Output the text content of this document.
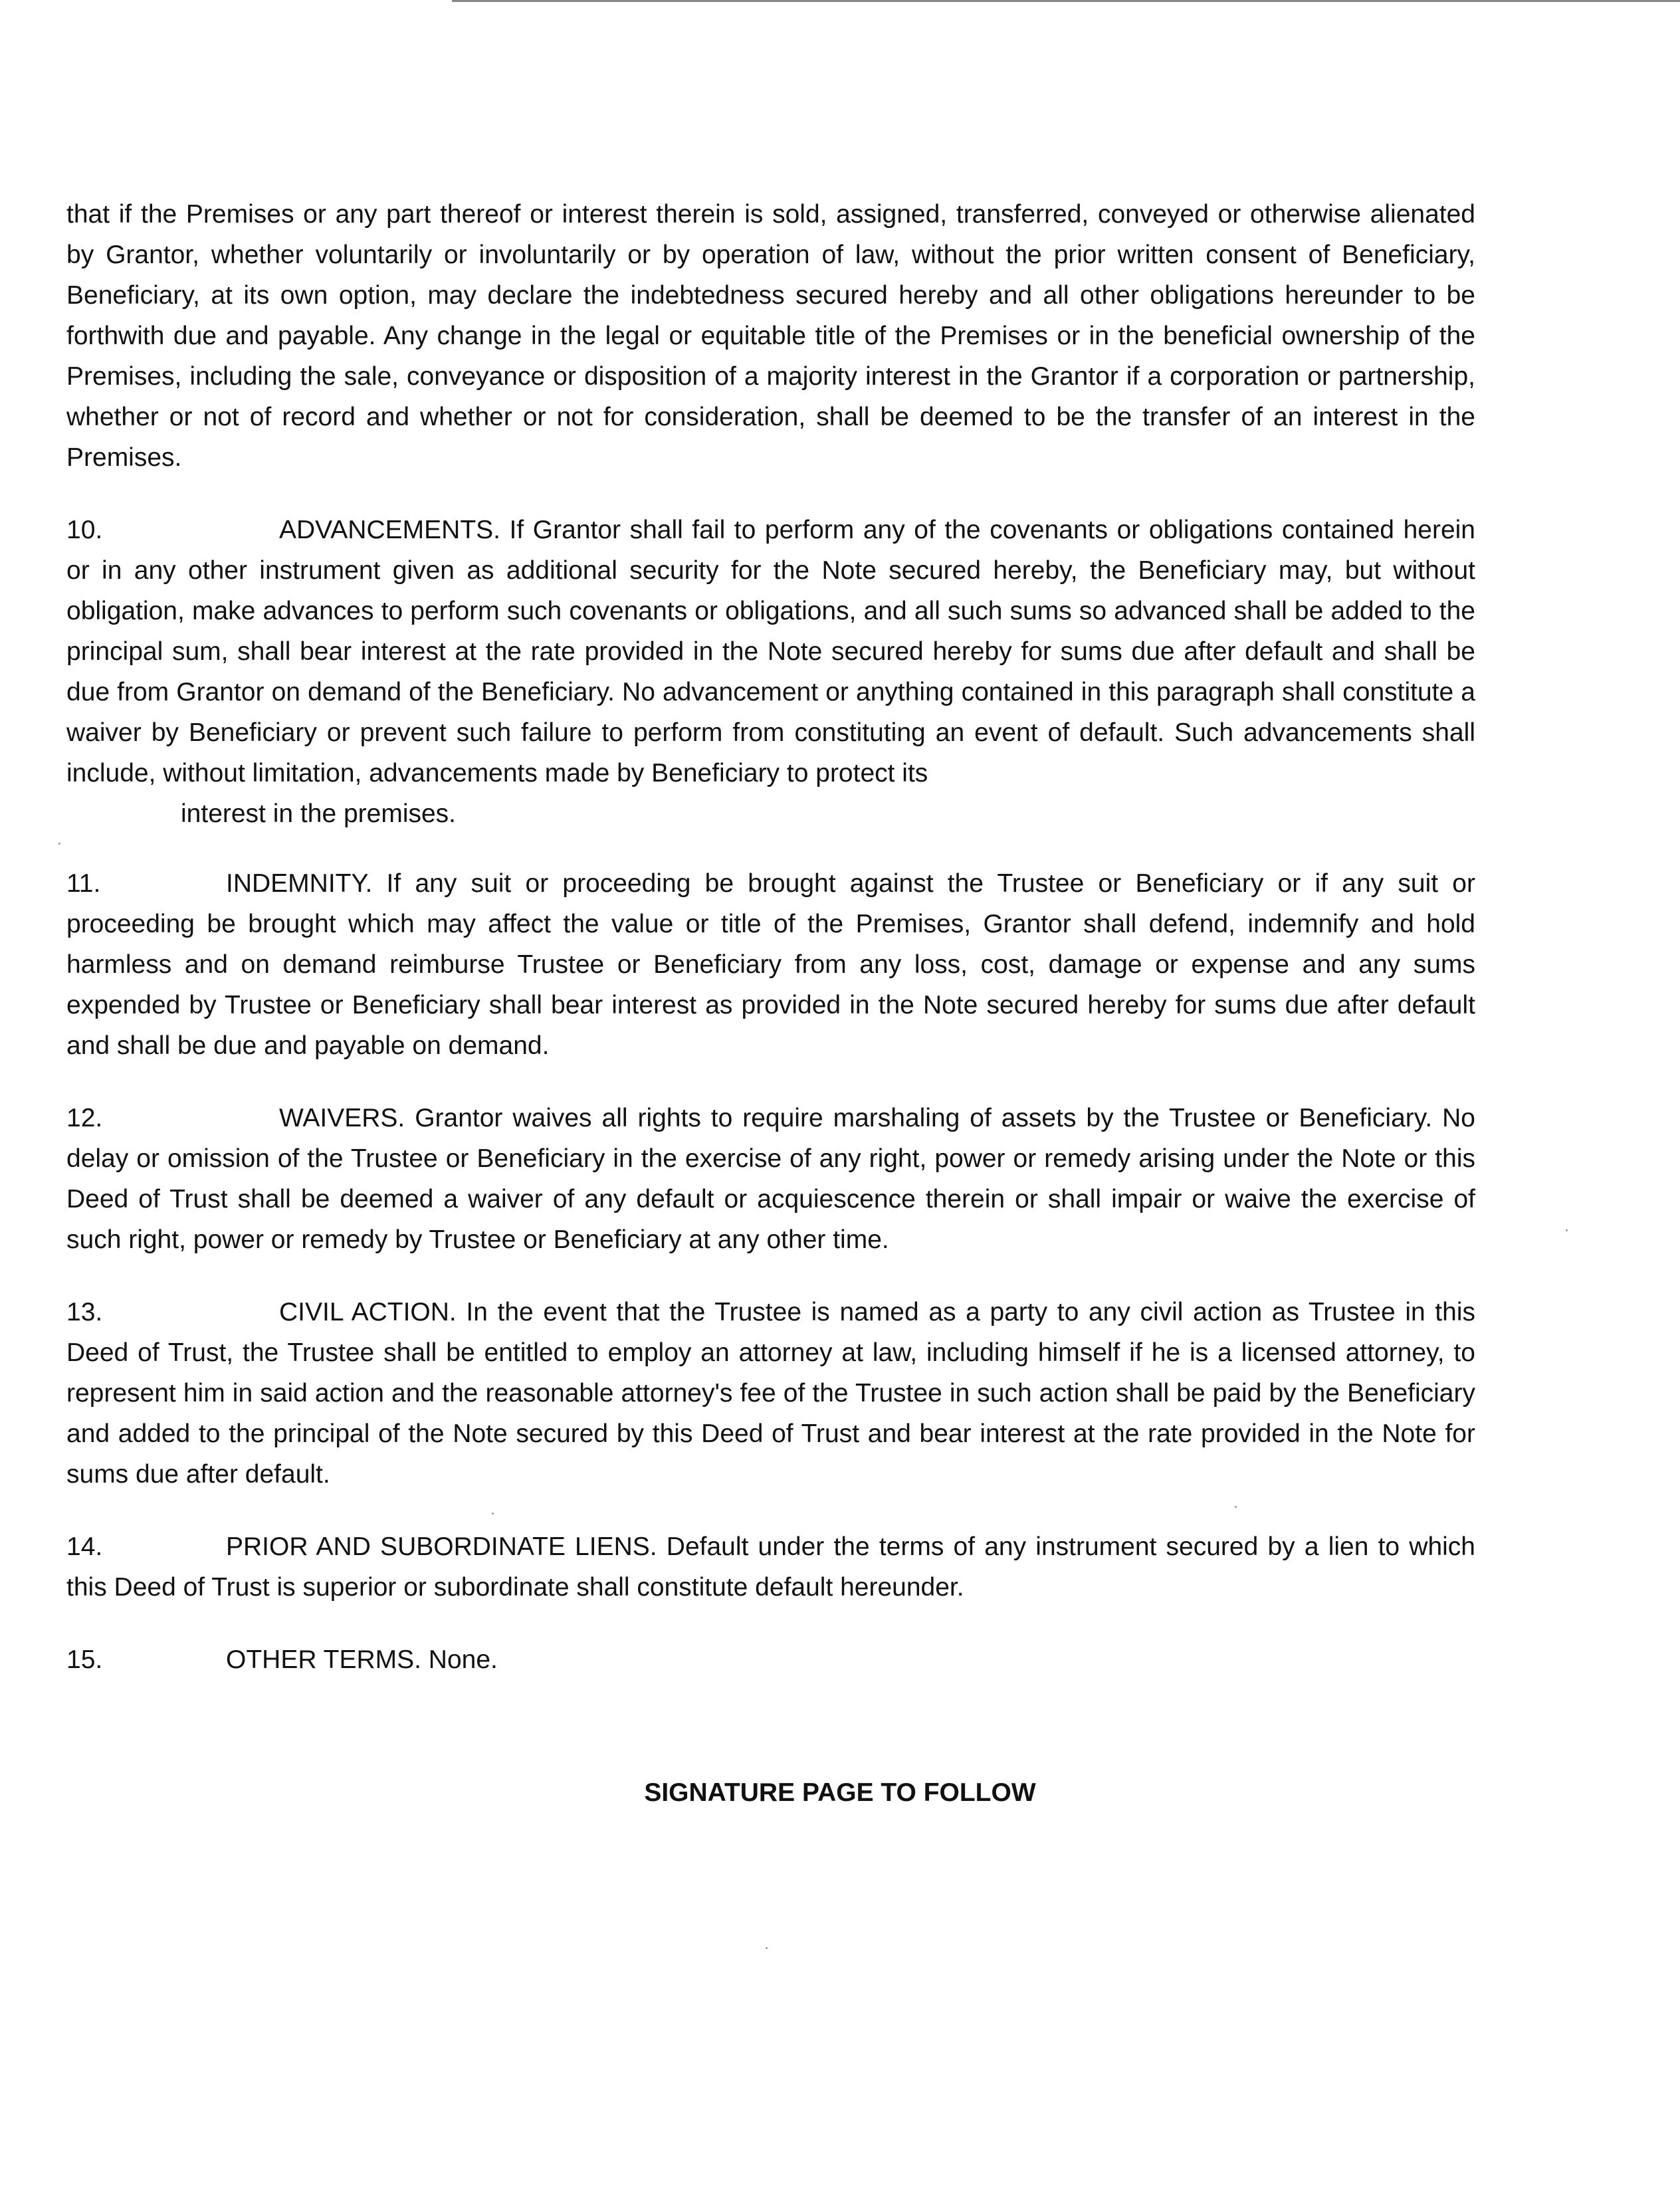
that if the Premises or any part thereof or interest therein is sold, assigned, transferred, conveyed or otherwise alienated by Grantor, whether voluntarily or involuntarily or by operation of law, without the prior written consent of Beneficiary, Beneficiary, at its own option, may declare the indebtedness secured hereby and all other obligations hereunder to be forthwith due and payable. Any change in the legal or equitable title of the Premises or in the beneficial ownership of the Premises, including the sale, conveyance or disposition of a majority interest in the Grantor if a corporation or partnership, whether or not of record and whether or not for consideration, shall be deemed to be the transfer of an interest in the Premises.

10.	ADVANCEMENTS. If Grantor shall fail to perform any of the covenants or obligations contained herein or in any other instrument given as additional security for the Note secured hereby, the Beneficiary may, but without obligation, make advances to perform such covenants or obligations, and all such sums so advanced shall be added to the principal sum, shall bear interest at the rate provided in the Note secured hereby for sums due after default and shall be due from Grantor on demand of the Beneficiary. No advancement or anything contained in this paragraph shall constitute a waiver by Beneficiary or prevent such failure to perform from constituting an event of default. Such advancements shall include, without limitation, advancements made by Beneficiary to protect its
interest in the premises.

11.	INDEMNITY. If any suit or proceeding be brought against the Trustee or Beneficiary or if any suit or proceeding be brought which may affect the value or title of the Premises, Grantor shall defend, indemnify and hold harmless and on demand reimburse Trustee or Beneficiary from any loss, cost, damage or expense and any sums expended by Trustee or Beneficiary shall bear interest as provided in the Note secured hereby for sums due after default and shall be due and payable on demand.

12.	WAIVERS. Grantor waives all rights to require marshaling of assets by the Trustee or Beneficiary. No delay or omission of the Trustee or Beneficiary in the exercise of any right, power or remedy arising under the Note or this Deed of Trust shall be deemed a waiver of any default or acquiescence therein or shall impair or waive the exercise of such right, power or remedy by Trustee or Beneficiary at any other time.

13.	CIVIL ACTION. In the event that the Trustee is named as a party to any civil action as Trustee in this Deed of Trust, the Trustee shall be entitled to employ an attorney at law, including himself if he is a licensed attorney, to represent him in said action and the reasonable attorney's fee of the Trustee in such action shall be paid by the Beneficiary and added to the principal of the Note secured by this Deed of Trust and bear interest at the rate provided in the Note for sums due after default.

14.	PRIOR AND SUBORDINATE LIENS. Default under the terms of any instrument secured by a lien to which this Deed of Trust is superior or subordinate shall constitute default hereunder.

15.	OTHER TERMS. None.

SIGNATURE PAGE TO FOLLOW
